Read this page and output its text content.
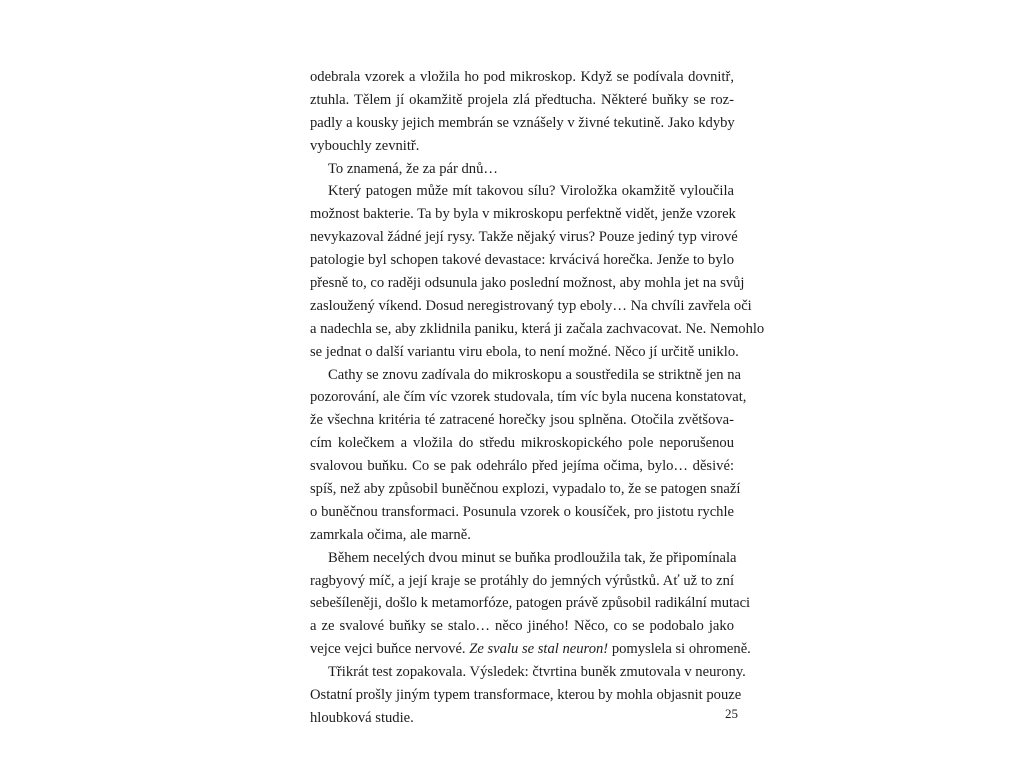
odebrala vzorek a vložila ho pod mikroskop. Když se podívala dovnitř,
ztuhla. Tělem jí okamžitě projela zlá předtucha. Některé buňky se roz-
padly a kousky jejich membrán se vznášely v živné tekutině. Jako kdyby
vybouchly zevnitř.
To znamená, že za pár dnů…
Který patogen může mít takovou sílu? Viroložka okamžitě vyloučila
možnost bakterie. Ta by byla v mikroskopu perfektně vidět, jenže vzorek
nevykazoval žádné její rysy. Takže nějaký virus? Pouze jediný typ virové
patologie byl schopen takové devastace: krvácivá horečka. Jenže to bylo
přesně to, co raději odsunula jako poslední možnost, aby mohla jet na svůj
zasloužený víkend. Dosud neregistrovaný typ eboly… Na chvíli zavřela oči
a nadechla se, aby zklidnila paniku, která ji začala zachvacovat. Ne. Nemohlo
se jednat o další variantu viru ebola, to není možné. Něco jí určitě uniklo.
Cathy se znovu zadívala do mikroskopu a soustředila se striktně jen na
pozorování, ale čím víc vzorek studovala, tím víc byla nucena konstatovat,
že všechna kritéria té zatracené horečky jsou splněna. Otočila zvětšova-
cím kolečkem a vložila do středu mikroskopického pole neporušenou
svalovou buňku. Co se pak odehrálo před jejíma očima, bylo… děsivé:
spíš, než aby způsobil buněčnou explozi, vypadalo to, že se patogen snaží
o buněčnou transformaci. Posunula vzorek o kousíček, pro jistotu rychle
zamrkala očima, ale marně.
Během necelých dvou minut se buňka prodloužila tak, že připomínala
ragbyový míč, a její kraje se protáhly do jemných výrůstků. Ať už to zní
sebešíleněji, došlo k metamorfóze, patogen právě způsobil radikální mutaci
a ze svalové buňky se stalo… něco jiného! Něco, co se podobalo jako
vejce vejci buňce nervové. Ze svalu se stal neuron! pomyslela si ohromeně.
Třikrát test zopakovala. Výsledek: čtvrtina buněk zmutovala v neurony.
Ostatní prošly jiným typem transformace, kterou by mohla objasnit pouze
hloubková studie.	25
